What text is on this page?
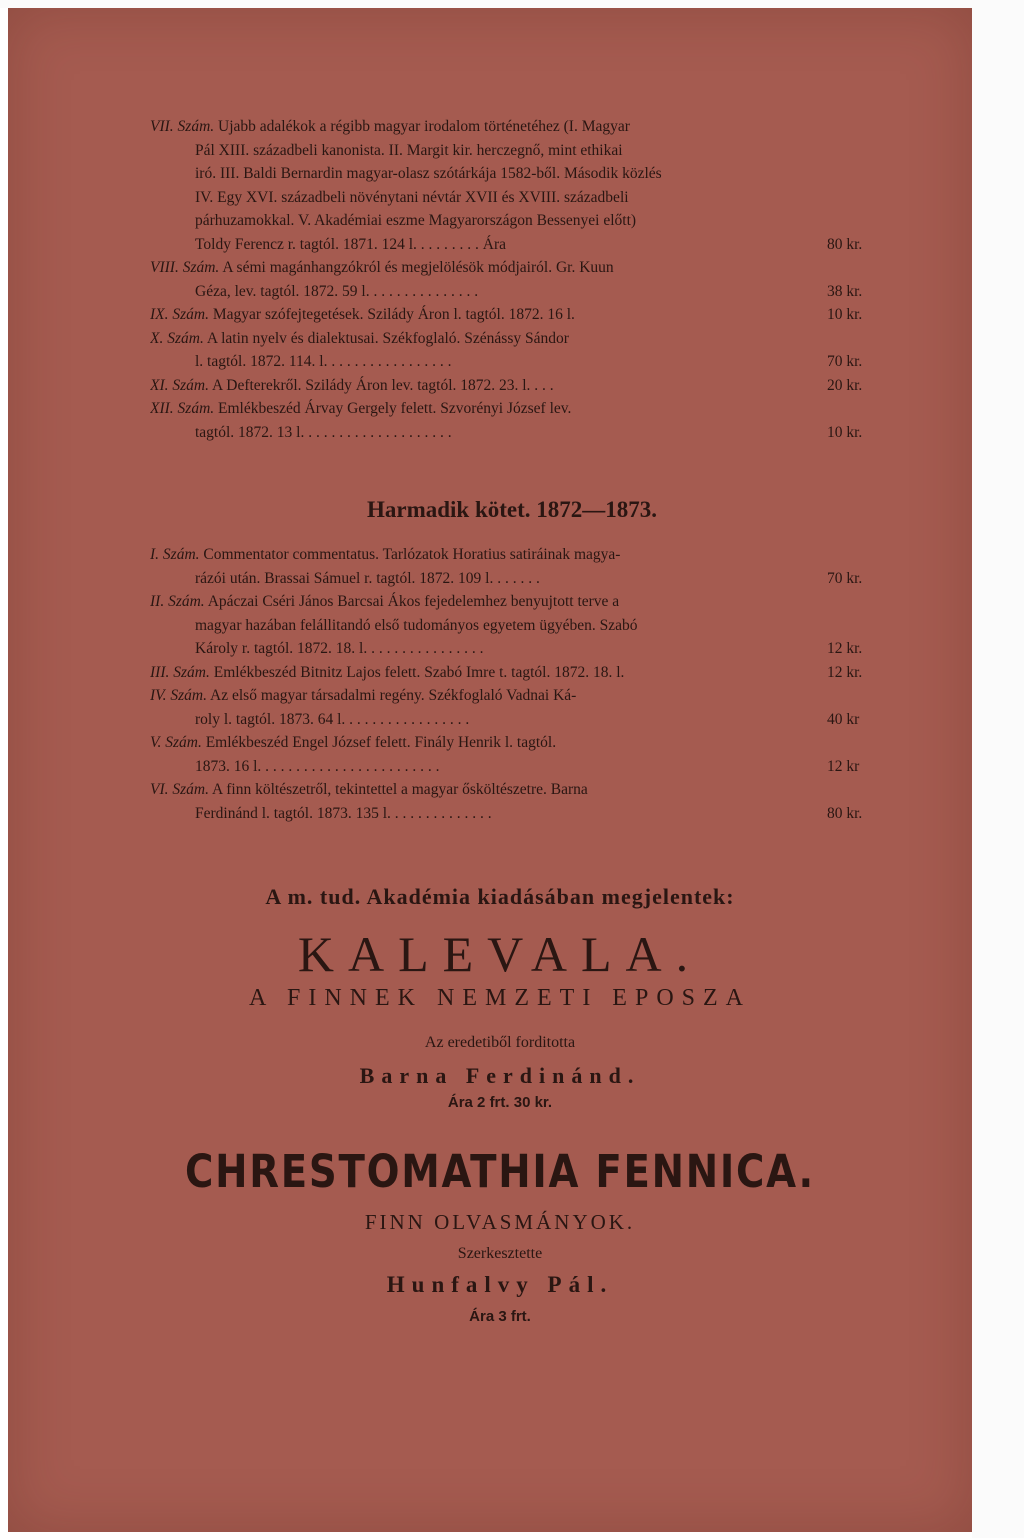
VII. Szám. Ujabb adalékok a régibb magyar irodalom történetéhez (I. Magyar
Pál XIII. századbeli kanonista. II. Margit kir. herczegnő, mint ethikai
iró. III. Baldi Bernardin magyar-olasz szótárkája 1582-ből. Második közlés
IV. Egy XVI. századbeli növénytani névtár XVII és XVIII. századbeli
párhuzamokkal. V. Akadémiai eszme Magyarországon Bessenyei előtt)
Toldy Ferencz r. tagtól. 1871. 124 l. . . . . . . . . Ára	80 kr.
VIII. Szám. A sémi magánhangzókról és megjelölésök módjairól. Gr. Kuun
Géza, lev. tagtól. 1872. 59 l. . . . . . . . . . . . . . .	38 kr.
IX. Szám. Magyar szófejtegetések. Szilády Áron l. tagtól. 1872. 16 l.	10 kr.
X. Szám. A latin nyelv és dialektusai. Székfoglaló. Szénássy Sándor
l. tagtól. 1872. 114. l. . . . . . . . . . . . . . . . .	70 kr.
XI. Szám. A Defterekről. Szilády Áron lev. tagtól. 1872. 23. l. . . .	20 kr.
XII. Szám. Emlékbeszéd Árvay Gergely felett. Szvorényi József lev.
tagtól. 1872. 13 l. . . . . . . . . . . . . . . . . . . .	10 kr.
Harmadik kötet. 1872—1873.
I. Szám. Commentator commentatus. Tarlózatok Horatius satiráinak magya-
rázói után. Brassai Sámuel r. tagtól. 1872. 109 l. . . . . . .	70 kr.
II. Szám. Apáczai Cséri János Barcsai Ákos fejedelemhez benyujtott terve a
magyar hazában felállitandó első tudományos egyetem ügyében. Szabó
Károly r. tagtól. 1872. 18. l. . . . . . . . . . . . . . . .	12 kr.
III. Szám. Emlékbeszéd Bitnitz Lajos felett. Szabó Imre t. tagtól. 1872. 18. l.	12 kr.
IV. Szám. Az első magyar társadalmi regény. Székfoglaló Vadnai Ká-
roly l. tagtól. 1873. 64 l. . . . . . . . . . . . . . . . .	40 kr
V. Szám. Emlékbeszéd Engel József felett. Finály Henrik l. tagtól.
1873. 16 l. . . . . . . . . . . . . . . . . . . . . . . .	12 kr
VI. Szám. A finn költészetről, tekintettel a magyar ősköltészetre. Barna
Ferdinánd l. tagtól. 1873. 135 l. . . . . . . . . . . . . .	80 kr.
A m. tud. Akadémia kiadásában megjelentek:
KALEVALA.
A FINNEK NEMZETI EPOSZA
Az eredetiből forditotta
Barna Ferdinánd.
Ára 2 frt. 30 kr.
CHRESTOMATHIA FENNICA.
FINN OLVASMÁNYOK.
Szerkesztette
Hunfalvy Pál.
Ára 3 frt.
